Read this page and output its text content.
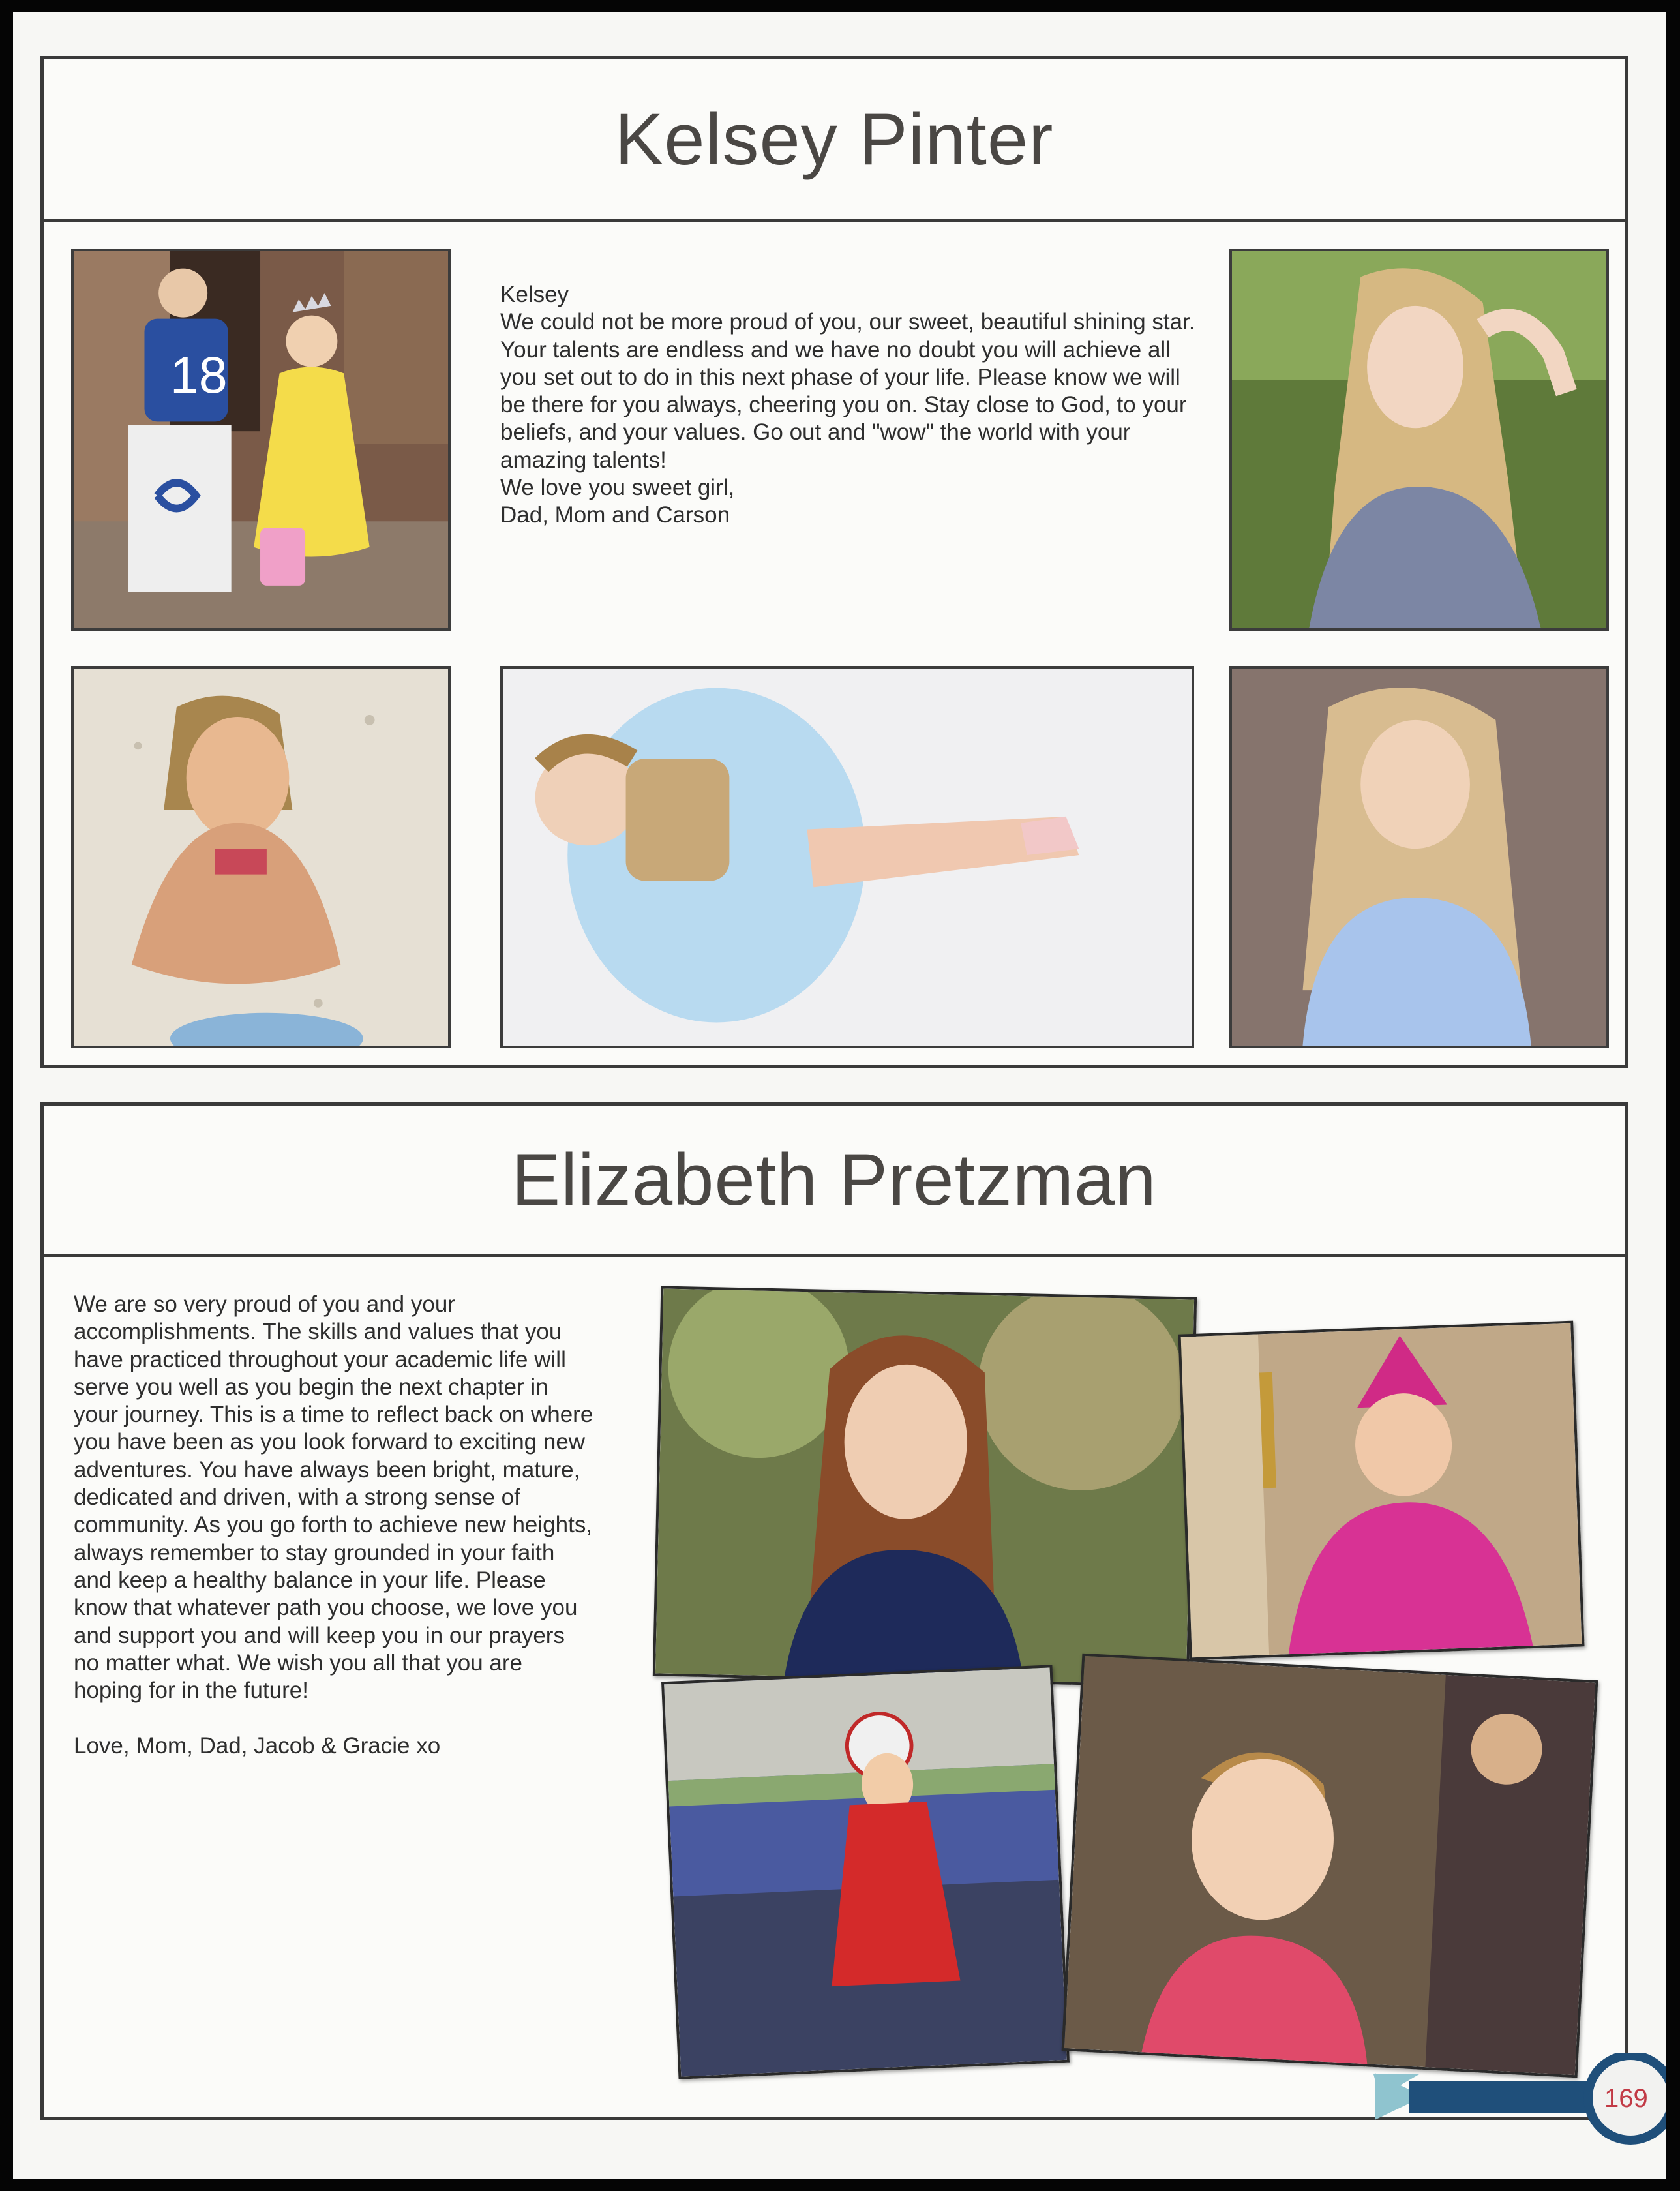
Kelsey Pinter
18
Kelsey
We could not be more proud of you, our sweet, beautiful shining star. Your talents are endless and we have no doubt you will achieve all you set out to do in this next phase of your life. Please know we will be there for you always, cheering you on. Stay close to God, to your beliefs, and your values. Go out and "wow" the world with your amazing talents!
We love you sweet girl,
Dad, Mom and Carson
Elizabeth Pretzman
We are so very proud of you and your accomplishments. The skills and values that you have practiced throughout your academic life will serve you well as you begin the next chapter in your journey. This is a time to reflect back on where you have been as you look forward to exciting new adventures. You have always been bright, mature, dedicated and driven, with a strong sense of community. As you go forth to achieve new heights, always remember to stay grounded in your faith and keep a healthy balance in your life. Please know that whatever path you choose, we love you and support you and will keep you in our prayers no matter what. We wish you all that you are hoping for in the future!

Love, Mom, Dad, Jacob & Gracie xo
169
